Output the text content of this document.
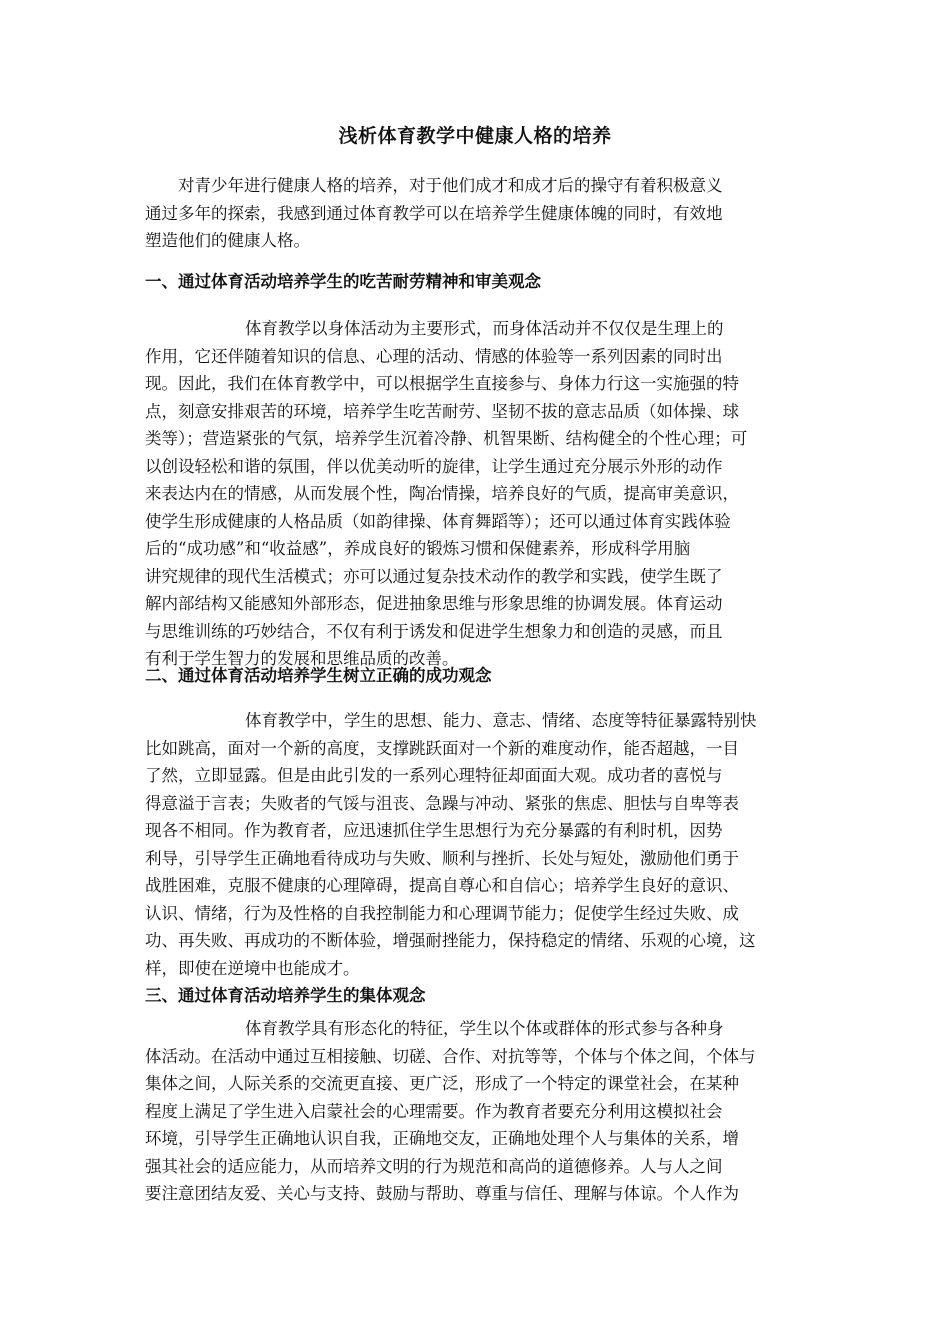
浅析体育教学中健康人格的培养
对青少年进行健康人格的培养，对于他们成才和成才后的操守有着积极意义
通过多年的探索，我感到通过体育教学可以在培养学生健康体魄的同时，有效地
塑造他们的健康人格。
一、通过体育活动培养学生的吃苦耐劳精神和审美观念
体育教学以身体活动为主要形式，而身体活动并不仅仅是生理上的
作用，它还伴随着知识的信息、心理的活动、情感的体验等一系列因素的同时出
现。因此，我们在体育教学中，可以根据学生直接参与、身体力行这一实施强的特
点，刻意安排艰苦的环境，培养学生吃苦耐劳、坚韧不拔的意志品质（如体操、球
类等）；营造紧张的气氛，培养学生沉着冷静、机智果断、结构健全的个性心理；可
以创设轻松和谐的氛围，伴以优美动听的旋律，让学生通过充分展示外形的动作
来表达内在的情感，从而发展个性，陶冶情操，培养良好的气质，提高审美意识，
使学生形成健康的人格品质（如韵律操、体育舞蹈等）；还可以通过体育实践体验
后的“成功感”和“收益感”，养成良好的锻炼习惯和保健素养，形成科学用脑
讲究规律的现代生活模式；亦可以通过复杂技术动作的教学和实践，使学生既了
解内部结构又能感知外部形态，促进抽象思维与形象思维的协调发展。体育运动
与思维训练的巧妙结合，不仅有利于诱发和促进学生想象力和创造的灵感，而且
有利于学生智力的发展和思维品质的改善。
二、通过体育活动培养学生树立正确的成功观念
体育教学中，学生的思想、能力、意志、情绪、态度等特征暴露特别快
比如跳高，面对一个新的高度，支撑跳跃面对一个新的难度动作，能否超越，一目
了然，立即显露。但是由此引发的一系列心理特征却面面大观。成功者的喜悦与
得意溢于言表；失败者的气馁与沮丧、急躁与冲动、紧张的焦虑、胆怯与自卑等表
现各不相同。作为教育者，应迅速抓住学生思想行为充分暴露的有利时机，因势
利导，引导学生正确地看待成功与失败、顺利与挫折、长处与短处，激励他们勇于
战胜困难，克服不健康的心理障碍，提高自尊心和自信心；培养学生良好的意识、
认识、情绪，行为及性格的自我控制能力和心理调节能力；促使学生经过失败、成
功、再失败、再成功的不断体验，增强耐挫能力，保持稳定的情绪、乐观的心境，这
样，即使在逆境中也能成才。
三、通过体育活动培养学生的集体观念
体育教学具有形态化的特征，学生以个体或群体的形式参与各种身
体活动。在活动中通过互相接触、切磋、合作、对抗等等，个体与个体之间，个体与
集体之间，人际关系的交流更直接、更广泛，形成了一个特定的课堂社会，在某种
程度上满足了学生进入启蒙社会的心理需要。作为教育者要充分利用这模拟社会
环境，引导学生正确地认识自我，正确地交友，正确地处理个人与集体的关系，增
强其社会的适应能力，从而培养文明的行为规范和高尚的道德修养。人与人之间
要注意团结友爱、关心与支持、鼓励与帮助、尊重与信任、理解与体谅。个人作为
